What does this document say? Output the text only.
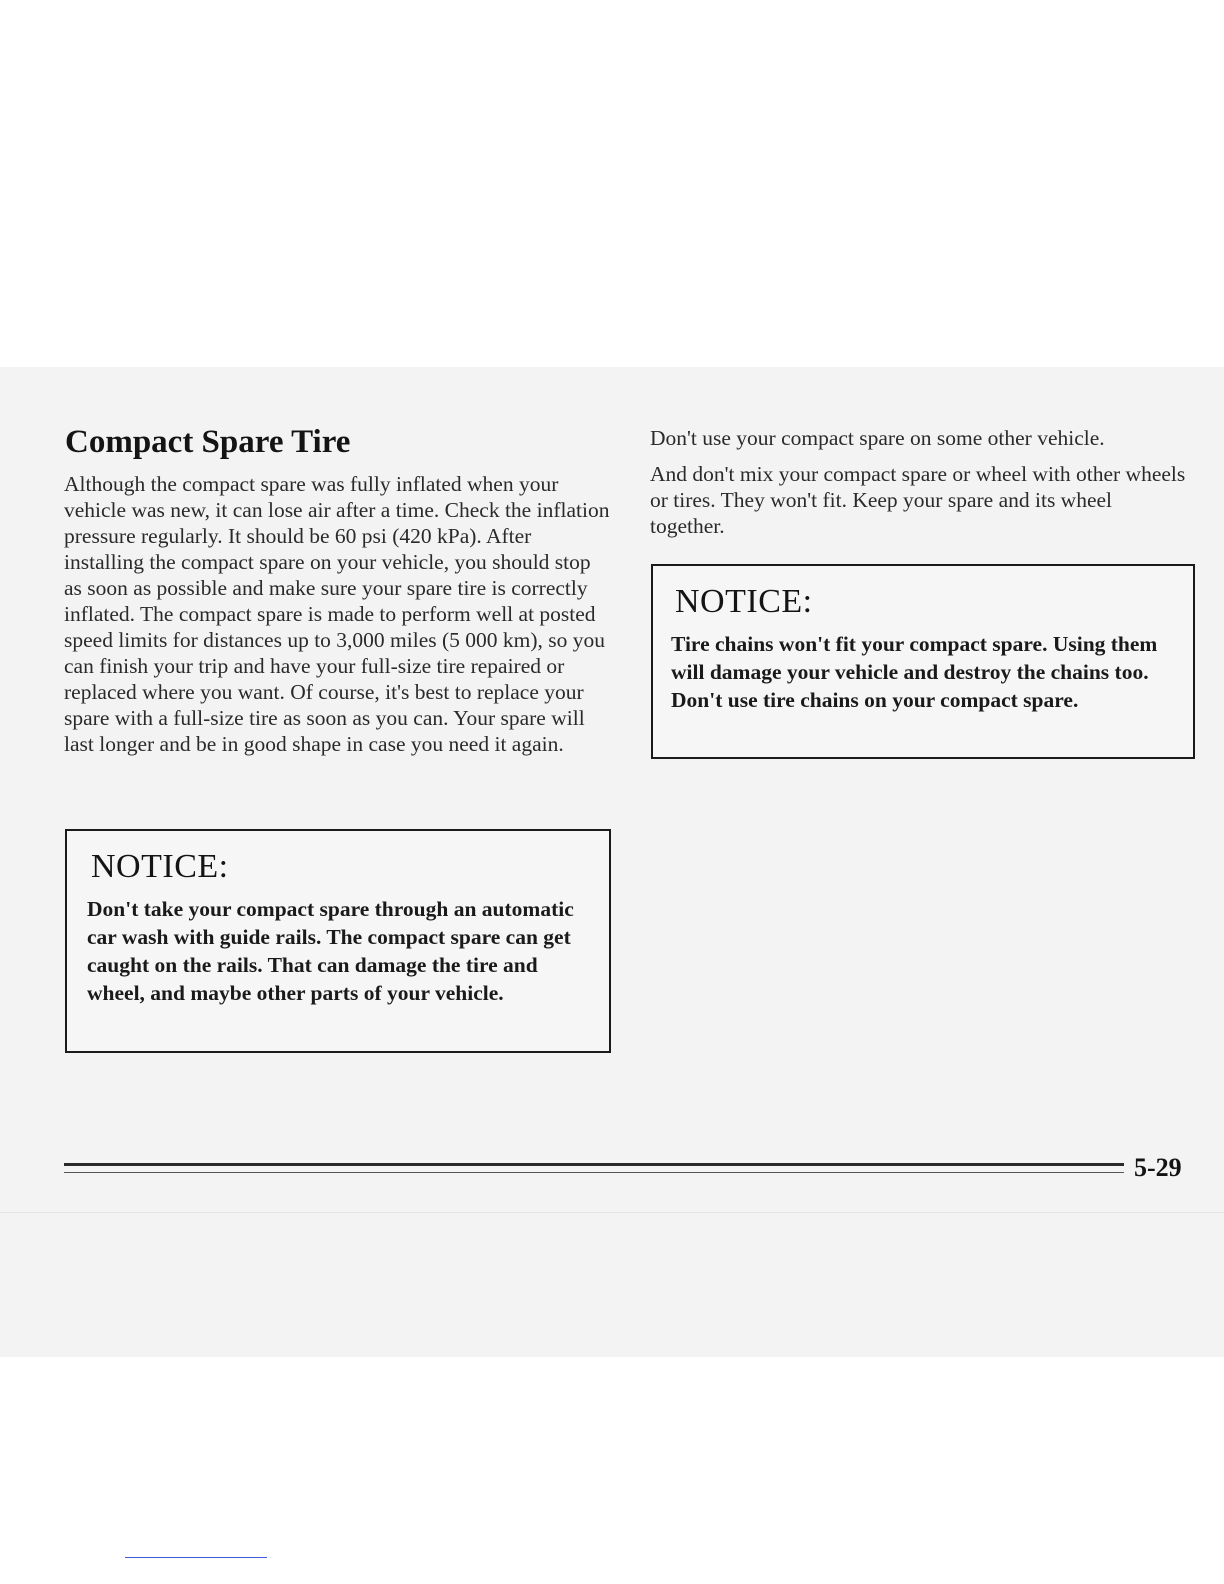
Compact Spare Tire

Although the compact spare was fully inflated when your vehicle was new, it can lose air after a time. Check the inflation pressure regularly. It should be 60 psi (420 kPa). After installing the compact spare on your vehicle, you should stop as soon as possible and make sure your spare tire is correctly inflated. The compact spare is made to perform well at posted speed limits for distances up to 3,000 miles (5 000 km), so you can finish your trip and have your full-size tire repaired or replaced where you want. Of course, it's best to replace your spare with a full-size tire as soon as you can. Your spare will last longer and be in good shape in case you need it again.

NOTICE:

Don't take your compact spare through an automatic car wash with guide rails. The compact spare can get caught on the rails. That can damage the tire and wheel, and maybe other parts of your vehicle.

Don't use your compact spare on some other vehicle.

And don't mix your compact spare or wheel with other wheels or tires. They won't fit. Keep your spare and its wheel together.

NOTICE:

Tire chains won't fit your compact spare. Using them will damage your vehicle and destroy the chains too. Don't use tire chains on your compact spare.

5-29
